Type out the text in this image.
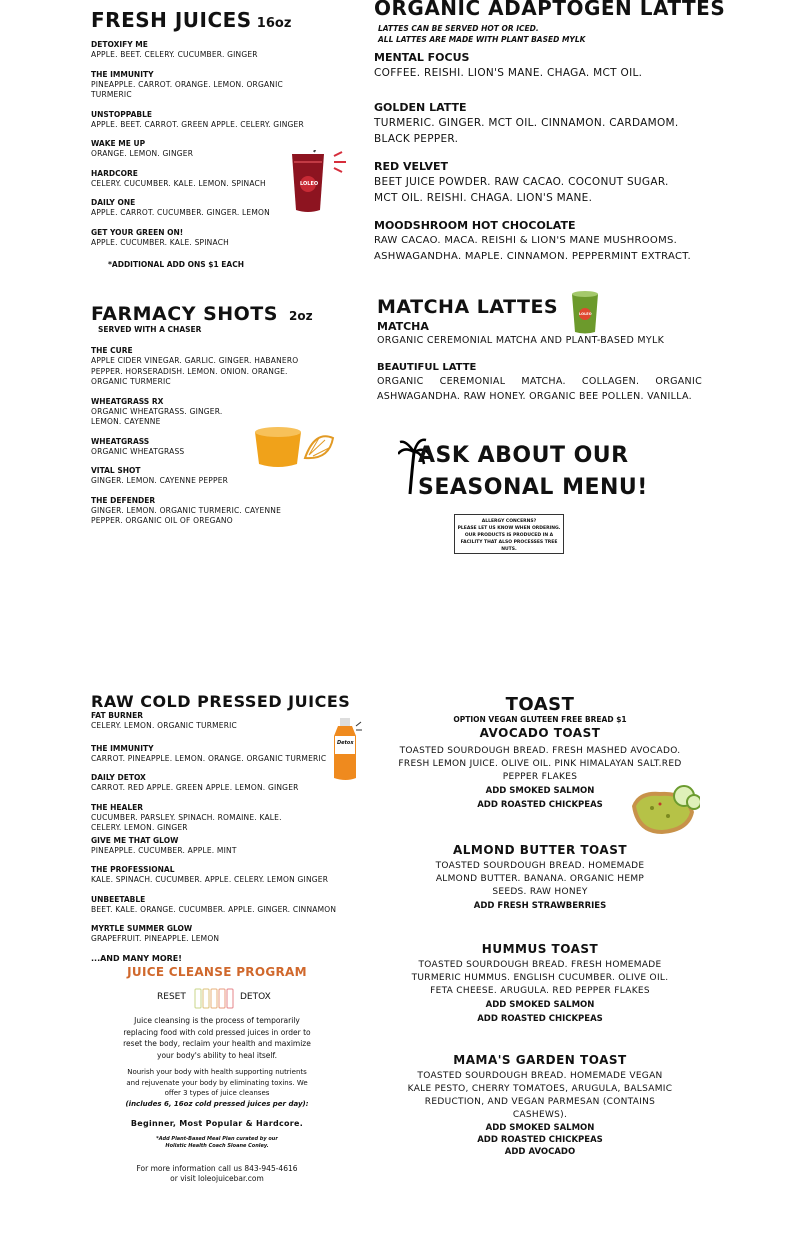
FRESH JUICES 16oz
DETOXIFY ME
APPLE. BEET. CELERY. CUCUMBER. GINGER
THE IMMUNITY
PINEAPPLE. CARROT. ORANGE. LEMON. ORGANIC TURMERIC
UNSTOPPABLE
APPLE. BEET. CARROT. GREEN APPLE. CELERY. GINGER
WAKE ME UP
ORANGE. LEMON. GINGER
HARDCORE
CELERY. CUCUMBER. KALE. LEMON. SPINACH
DAILY ONE
APPLE. CARROT. CUCUMBER. GINGER. LEMON
GET YOUR GREEN ON!
APPLE. CUCUMBER. KALE. SPINACH
*ADDITIONAL ADD ONS $1 EACH
LOLEO
FARMACY SHOTS 2oz
SERVED WITH A CHASER
THE CURE
APPLE CIDER VINEGAR. GARLIC. GINGER. HABANERO PEPPER. HORSERADISH. LEMON. ONION. ORANGE. ORGANIC TURMERIC
WHEATGRASS RX
ORGANIC WHEATGRASS. GINGER. LEMON. CAYENNE
WHEATGRASS
ORGANIC WHEATGRASS
VITAL SHOT
GINGER. LEMON. CAYENNE PEPPER
THE DEFENDER
GINGER. LEMON. ORGANIC TURMERIC. CAYENNE PEPPER. ORGANIC OIL OF OREGANO
ORGANIC ADAPTOGEN LATTES
LATTES CAN BE SERVED HOT OR ICED.
ALL LATTES ARE MADE WITH PLANT BASED MYLK
MENTAL FOCUS
COFFEE. REISHI. LION'S MANE. CHAGA. MCT OIL.
GOLDEN LATTE
TURMERIC. GINGER. MCT OIL. CINNAMON. CARDAMOM. BLACK PEPPER.
RED VELVET
BEET JUICE POWDER. RAW CACAO. COCONUT SUGAR. MCT OIL. REISHI. CHAGA. LION'S MANE.
MOODSHROOM HOT CHOCOLATE
RAW CACAO. MACA. REISHI & LION'S MANE MUSHROOMS. ASHWAGANDHA. MAPLE. CINNAMON. PEPPERMINT EXTRACT.
MATCHA LATTES
MATCHA
ORGANIC CEREMONIAL MATCHA AND PLANT-BASED MYLK
BEAUTIFUL LATTE
ORGANIC CEREMONIAL MATCHA. COLLAGEN. ORGANIC ASHWAGANDHA. RAW HONEY. ORGANIC BEE POLLEN. VANILLA.
LOLEO
ASK ABOUT OUR
SEASONAL MENU!
ALLERGY CONCERNS?
PLEASE LET US KNOW WHEN ORDERING. OUR PRODUCTS IS PRODUCED IN A FACILITY THAT ALSO PROCESSES TREE NUTS.
RAW COLD PRESSED JUICES
FAT BURNER
CELERY. LEMON. ORGANIC TURMERIC
THE IMMUNITY
CARROT. PINEAPPLE. LEMON. ORANGE. ORGANIC TURMERIC
DAILY DETOX
CARROT. RED APPLE. GREEN APPLE. LEMON. GINGER
THE HEALER
CUCUMBER. PARSLEY. SPINACH. ROMAINE. KALE. CELERY. LEMON. GINGER
GIVE ME THAT GLOW
PINEAPPLE. CUCUMBER. APPLE. MINT
THE PROFESSIONAL
KALE. SPINACH. CUCUMBER. APPLE. CELERY. LEMON GINGER
UNBEETABLE
BEET. KALE. ORANGE. CUCUMBER. APPLE. GINGER. CINNAMON
MYRTLE SUMMER GLOW
GRAPEFRUIT. PINEAPPLE. LEMON
...AND MANY MORE!
Detox
JUICE CLEANSE PROGRAM
RESET	DETOX
Juice cleansing is the process of temporarily replacing food with cold pressed juices in order to reset the body, reclaim your health and maximize your body's ability to heal itself.
Nourish your body with health supporting nutrients and rejuvenate your body by eliminating toxins. We offer 3 types of juice cleanses
(includes 6, 16oz cold pressed juices per day):
Beginner, Most Popular & Hardcore.
*Add Plant-Based Meal Plan curated by our Holistic Health Coach Sloane Conley.
For more information call us 843-945-4616
or visit loleojuicebar.com
TOAST
OPTION VEGAN GLUTEEN FREE BREAD $1
AVOCADO TOAST
TOASTED SOURDOUGH BREAD. FRESH MASHED AVOCADO. FRESH LEMON JUICE. OLIVE OIL. PINK HIMALAYAN SALT.RED PEPPER FLAKES
ADD SMOKED SALMON
ADD ROASTED CHICKPEAS
ALMOND BUTTER TOAST
TOASTED SOURDOUGH BREAD. HOMEMADE ALMOND BUTTER. BANANA. ORGANIC HEMP SEEDS. RAW HONEY
ADD FRESH STRAWBERRIES
HUMMUS TOAST
TOASTED SOURDOUGH BREAD. FRESH HOMEMADE TURMERIC HUMMUS. ENGLISH CUCUMBER. OLIVE OIL. FETA CHEESE. ARUGULA. RED PEPPER FLAKES
ADD SMOKED SALMON
ADD ROASTED CHICKPEAS
MAMA'S GARDEN TOAST
TOASTED SOURDOUGH BREAD. HOMEMADE VEGAN KALE PESTO, CHERRY TOMATOES, ARUGULA, BALSAMIC REDUCTION, AND VEGAN PARMESAN (CONTAINS CASHEWS).
ADD SMOKED SALMON
ADD ROASTED CHICKPEAS
ADD AVOCADO
